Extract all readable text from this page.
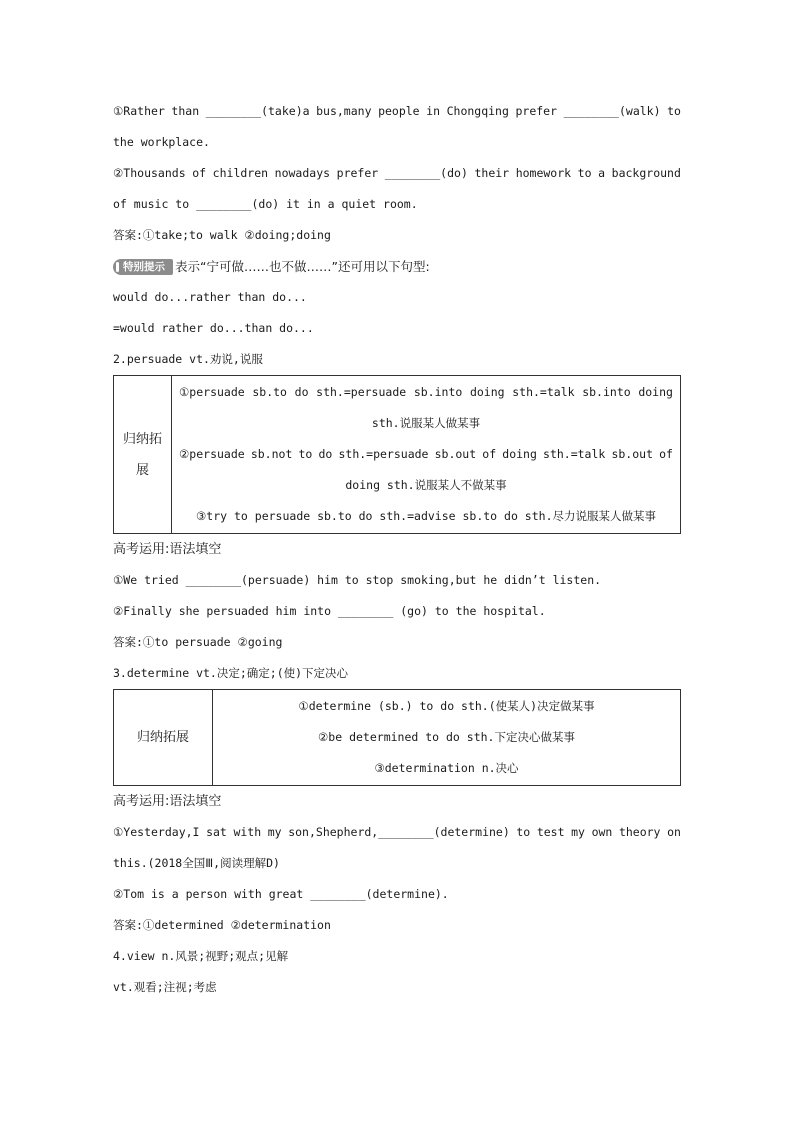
①Rather than ________(take)a bus,many people in Chongqing prefer ________(walk) to
the workplace.
②Thousands of children nowadays prefer ________(do) their homework to a background
of music to ________(do) it in a quiet room.
答案:①take;to walk ②doing;doing
特别提示 表示“宁可做……也不做……”还可用以下句型:
would do...rather than do...
=would rather do...than do...
2.persuade vt.劝说,说服
归纳拓
展

①persuade sb.to do sth.=persuade sb.into doing sth.=talk sb.into doing
sth.说服某人做某事
②persuade sb.not to do sth.=persuade sb.out of doing sth.=talk sb.out of
doing sth.说服某人不做某事
③try to persuade sb.to do sth.=advise sb.to do sth.尽力说服某人做某事
高考运用:语法填空
①We tried ________(persuade) him to stop smoking,but he didn’t listen.
②Finally she persuaded him into ________ (go) to the hospital.
答案:①to persuade ②going
3.determine vt.决定;确定;(使)下定决心
归纳拓展

①determine (sb.) to do sth.(使某人)决定做某事
②be determined to do sth.下定决心做某事
③determination n.决心
高考运用:语法填空
①Yesterday,I sat with my son,Shepherd,________(determine) to test my own theory on
this.(2018全国Ⅲ,阅读理解D)
②Tom is a person with great ________(determine).
答案:①determined ②determination
4.view n.风景;视野;观点;见解
vt.观看;注视;考虑
